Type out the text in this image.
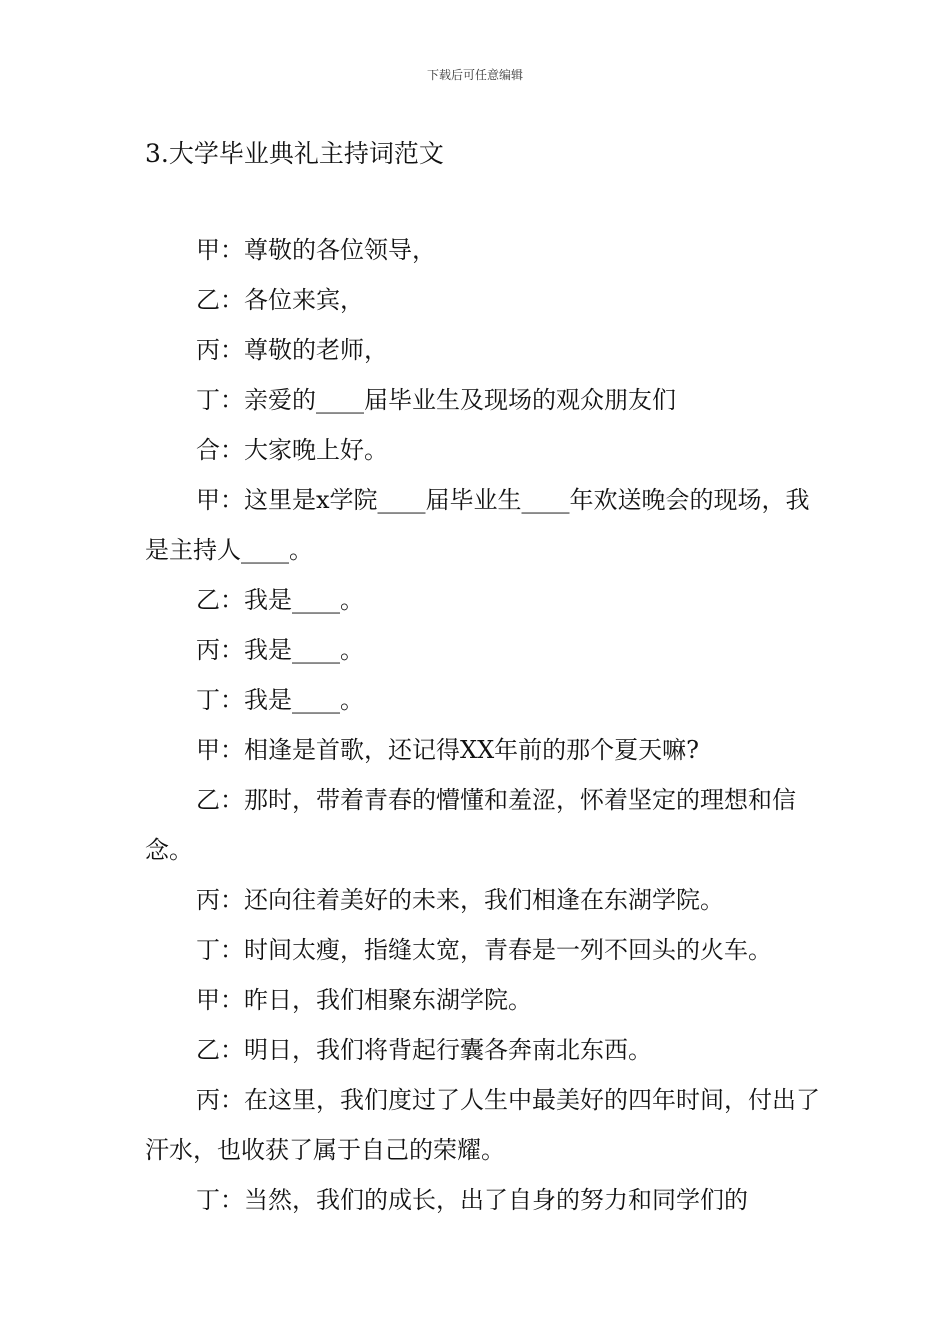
下载后可任意编辑
3.大学毕业典礼主持词范文

甲：尊敬的各位领导，

乙：各位来宾，

丙：尊敬的老师，

丁：亲爱的____届毕业生及现场的观众朋友们

合：大家晚上好。

甲：这里是x学院____届毕业生____年欢送晚会的现场，我是主持人____。

乙：我是____。

丙：我是____。

丁：我是____。

甲：相逢是首歌，还记得XX年前的那个夏天嘛?

乙：那时，带着青春的懵懂和羞涩，怀着坚定的理想和信念。

丙：还向往着美好的未来，我们相逢在东湖学院。

丁：时间太瘦，指缝太宽，青春是一列不回头的火车。

甲：昨日，我们相聚东湖学院。

乙：明日，我们将背起行囊各奔南北东西。

丙：在这里，我们度过了人生中最美好的四年时间，付出了汗水，也收获了属于自己的荣耀。

丁：当然，我们的成长，出了自身的努力和同学们的
